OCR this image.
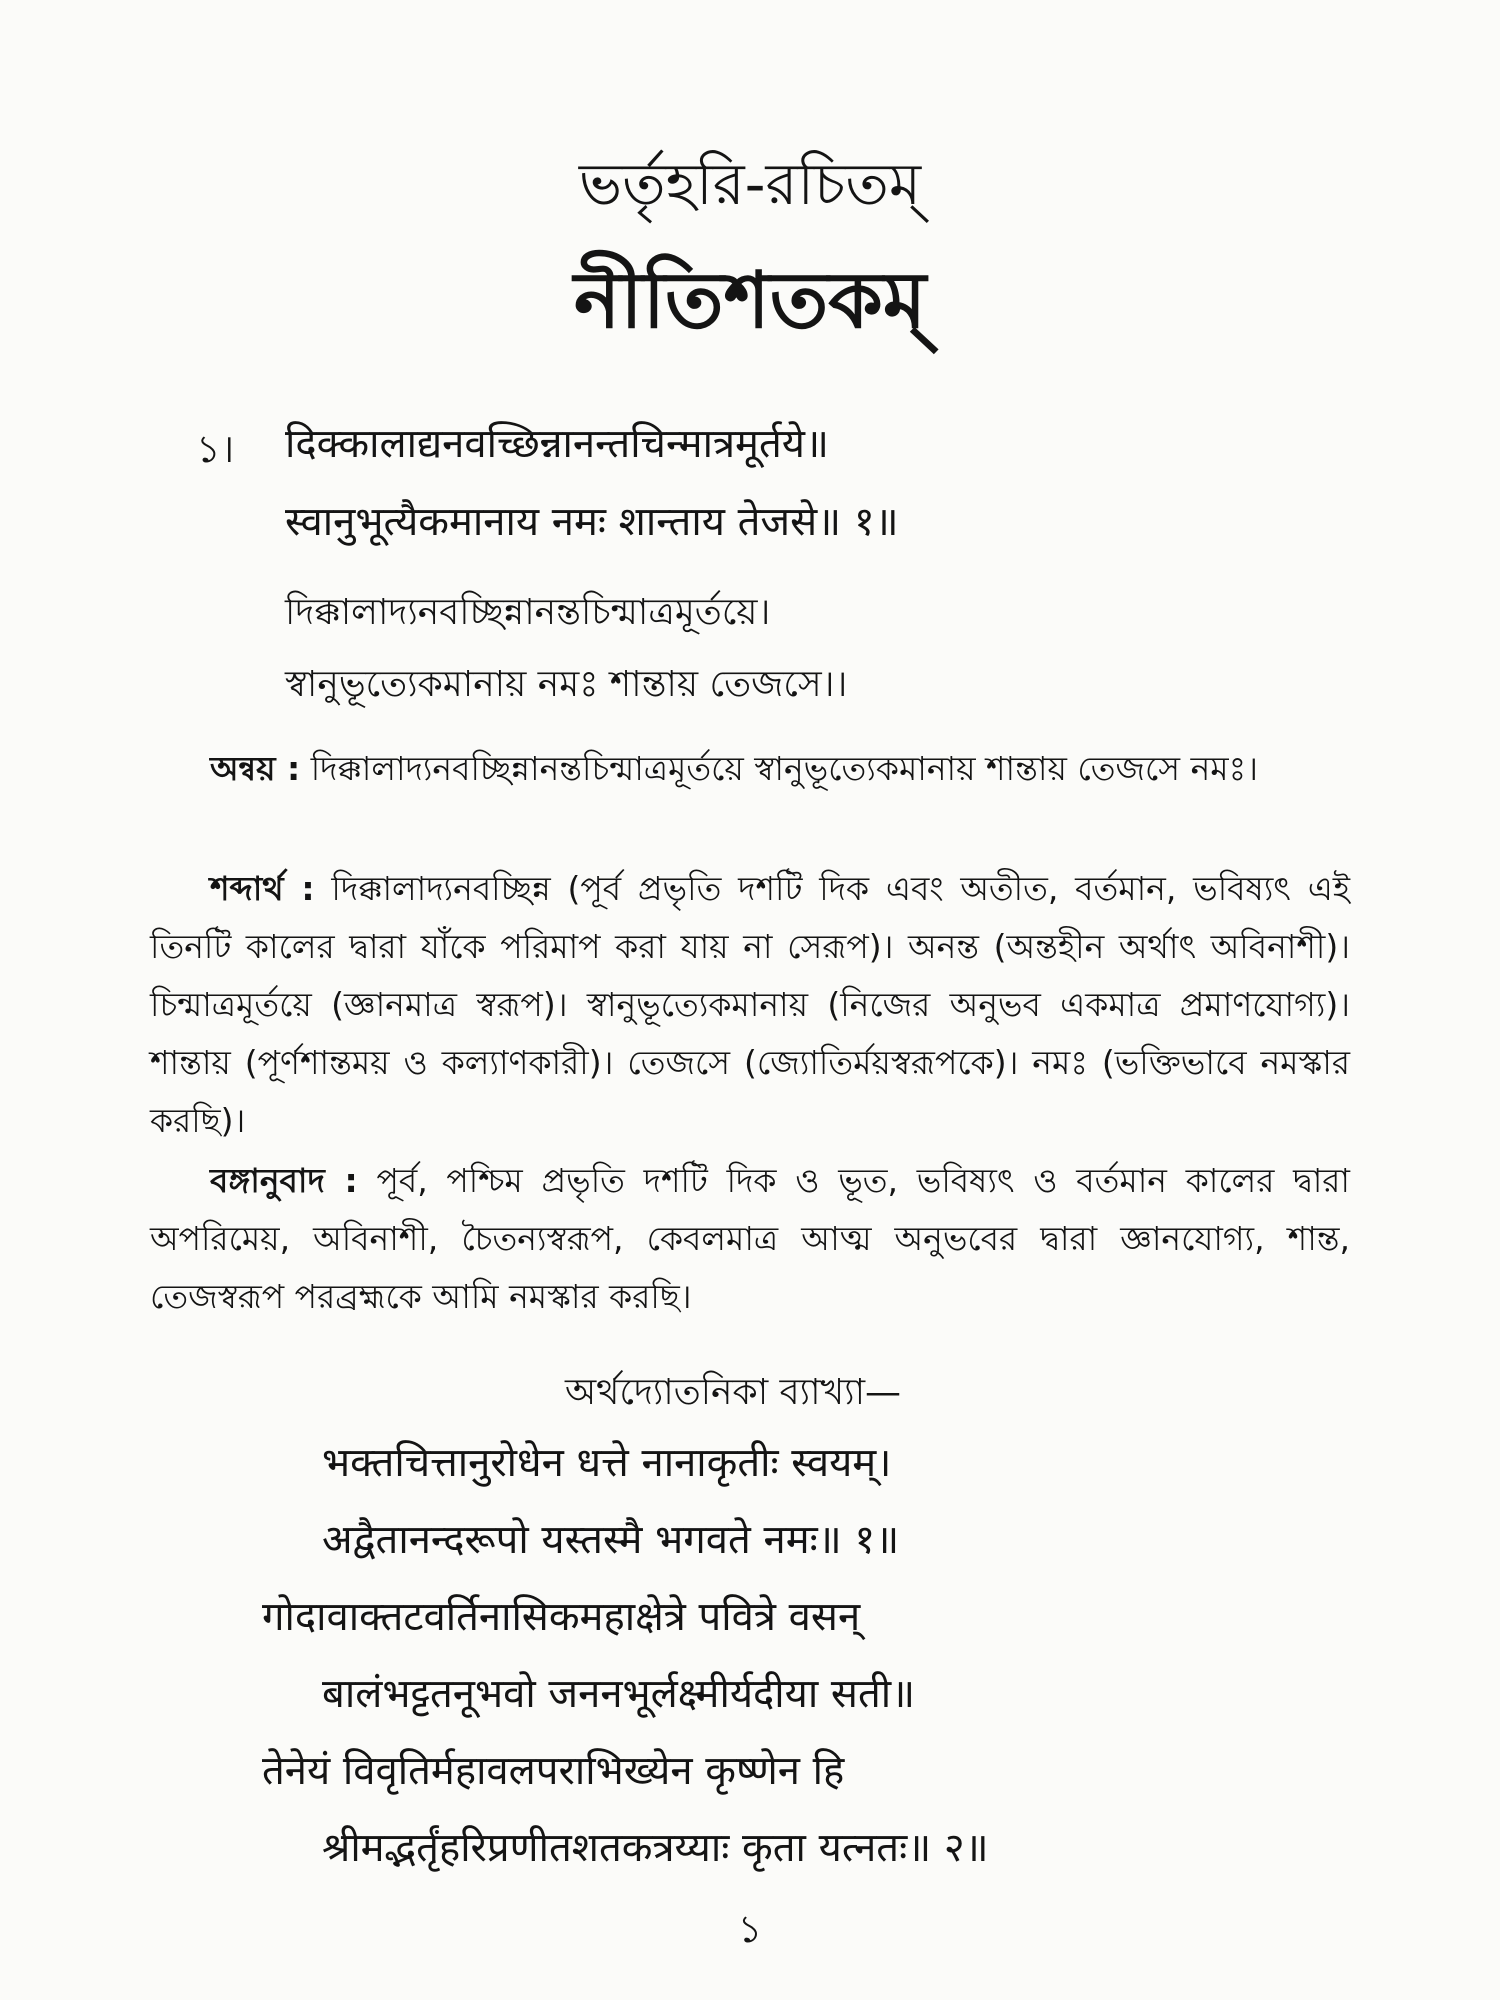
ভর্তৃহরি-রচিতম্
নীতিশতকম্
১। दिक्कालाद्यनवच्छिन्नानन्तचिन्मात्रमूर्तये॥
स्वानुभूत्यैकमानाय नमः शान्ताय तेजसे॥ १॥
দিক্কালাদ্যনবচ্ছিন্নানন্তচিন্মাত্রমূর্তয়ে।
স্বানুভূত্যেকমানায় নমঃ শান্তায় তেজসে।।
অন্বয় : দিক্কালাদ্যনবচ্ছিন্নানন্তচিন্মাত্রমূর্তয়ে স্বানুভূত্যেকমানায় শান্তায় তেজসে নমঃ।
শব্দার্থ : দিক্কালাদ্যনবচ্ছিন্ন (পূর্ব প্রভৃতি দশটি দিক এবং অতীত, বর্তমান, ভবিষ্যৎ এই তিনটি কালের দ্বারা যাঁকে পরিমাপ করা যায় না সেরূপ)। অনন্ত (অন্তহীন অর্থাৎ অবিনাশী)। চিন্মাত্রমূর্তয়ে (জ্ঞানমাত্র স্বরূপ)। স্বানুভূত্যেকমানায় (নিজের অনুভব একমাত্র প্রমাণযোগ্য)। শান্তায় (পূর্ণশান্তময় ও কল্যাণকারী)। তেজসে (জ্যোতির্ময়স্বরূপকে)। নমঃ (ভক্তিভাবে নমস্কার করছি)।
বঙ্গানুবাদ : পূর্ব, পশ্চিম প্রভৃতি দশটি দিক ও ভূত, ভবিষ্যৎ ও বর্তমান কালের দ্বারা অপরিমেয়, অবিনাশী, চৈতন্যস্বরূপ, কেবলমাত্র আত্ম অনুভবের দ্বারা জ্ঞানযোগ্য, শান্ত, তেজস্বরূপ পরব্রহ্মকে আমি নমস্কার করছি।
অর্থদ্যোতনিকা ব্যাখ্যা—
भक्तचित्तानुरोधेन धत्ते नानाकृतीः स्वयम्।
अद्वैतानन्दरूपो यस्तस्मै भगवते नमः॥ १॥
गोदावाक्तटवर्तिनासिकमहाक्षेत्रे पवित्रे वसन्
बालंभट्टतनूभवो जननभूर्लक्ष्मीर्यदीया सती॥
तेनेयं विवृतिर्महावलपराभिख्येन कृष्णेन हि
श्रीमद्भर्तृंहरिप्रणीतशतकत्रय्याः कृता यत्नतः॥ २॥
১
